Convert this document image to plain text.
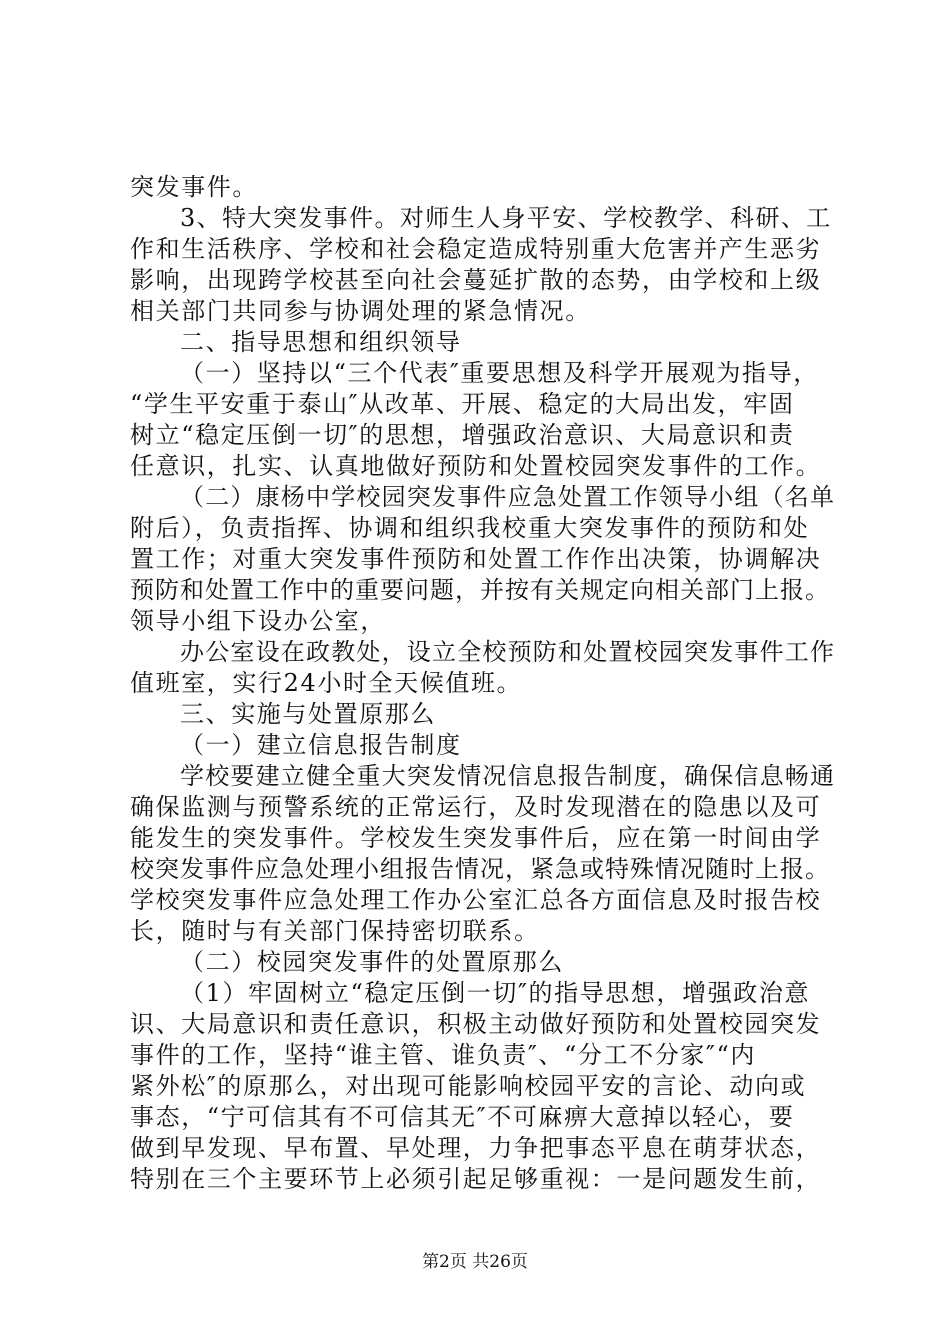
突发事件。
3、特大突发事件。对师生人身平安、学校教学、科研、工
作和生活秩序、学校和社会稳定造成特别重大危害并产生恶劣
影响，出现跨学校甚至向社会蔓延扩散的态势，由学校和上级
相关部门共同参与协调处理的紧急情况。
二、指导思想和组织领导
（一）坚持以“三个代表″重要思想及科学开展观为指导，
“学生平安重于泰山″从改革、开展、稳定的大局出发，牢固
树立“稳定压倒一切″的思想，增强政治意识、大局意识和责
任意识，扎实、认真地做好预防和处置校园突发事件的工作。
（二）康杨中学校园突发事件应急处置工作领导小组（名单
附后），负责指挥、协调和组织我校重大突发事件的预防和处
置工作；对重大突发事件预防和处置工作作出决策，协调解决
预防和处置工作中的重要问题，并按有关规定向相关部门上报。
领导小组下设办公室，
办公室设在政教处，设立全校预防和处置校园突发事件工作
值班室，实行24小时全天候值班。
三、实施与处置原那么
（一）建立信息报告制度
学校要建立健全重大突发情况信息报告制度，确保信息畅通
确保监测与预警系统的正常运行，及时发现潜在的隐患以及可
能发生的突发事件。学校发生突发事件后，应在第一时间由学
校突发事件应急处理小组报告情况，紧急或特殊情况随时上报。
学校突发事件应急处理工作办公室汇总各方面信息及时报告校
长，随时与有关部门保持密切联系。
（二）校园突发事件的处置原那么
（1）牢固树立“稳定压倒一切″的指导思想，增强政治意
识、大局意识和责任意识，积极主动做好预防和处置校园突发
事件的工作，坚持“谁主管、谁负责″、“分工不分家″“内
紧外松″的原那么，对出现可能影响校园平安的言论、动向或
事态，“宁可信其有不可信其无″不可麻痹大意掉以轻心，要
做到早发现、早布置、早处理，力争把事态平息在萌芽状态，
特别在三个主要环节上必须引起足够重视：一是问题发生前，
第2页 共26页
